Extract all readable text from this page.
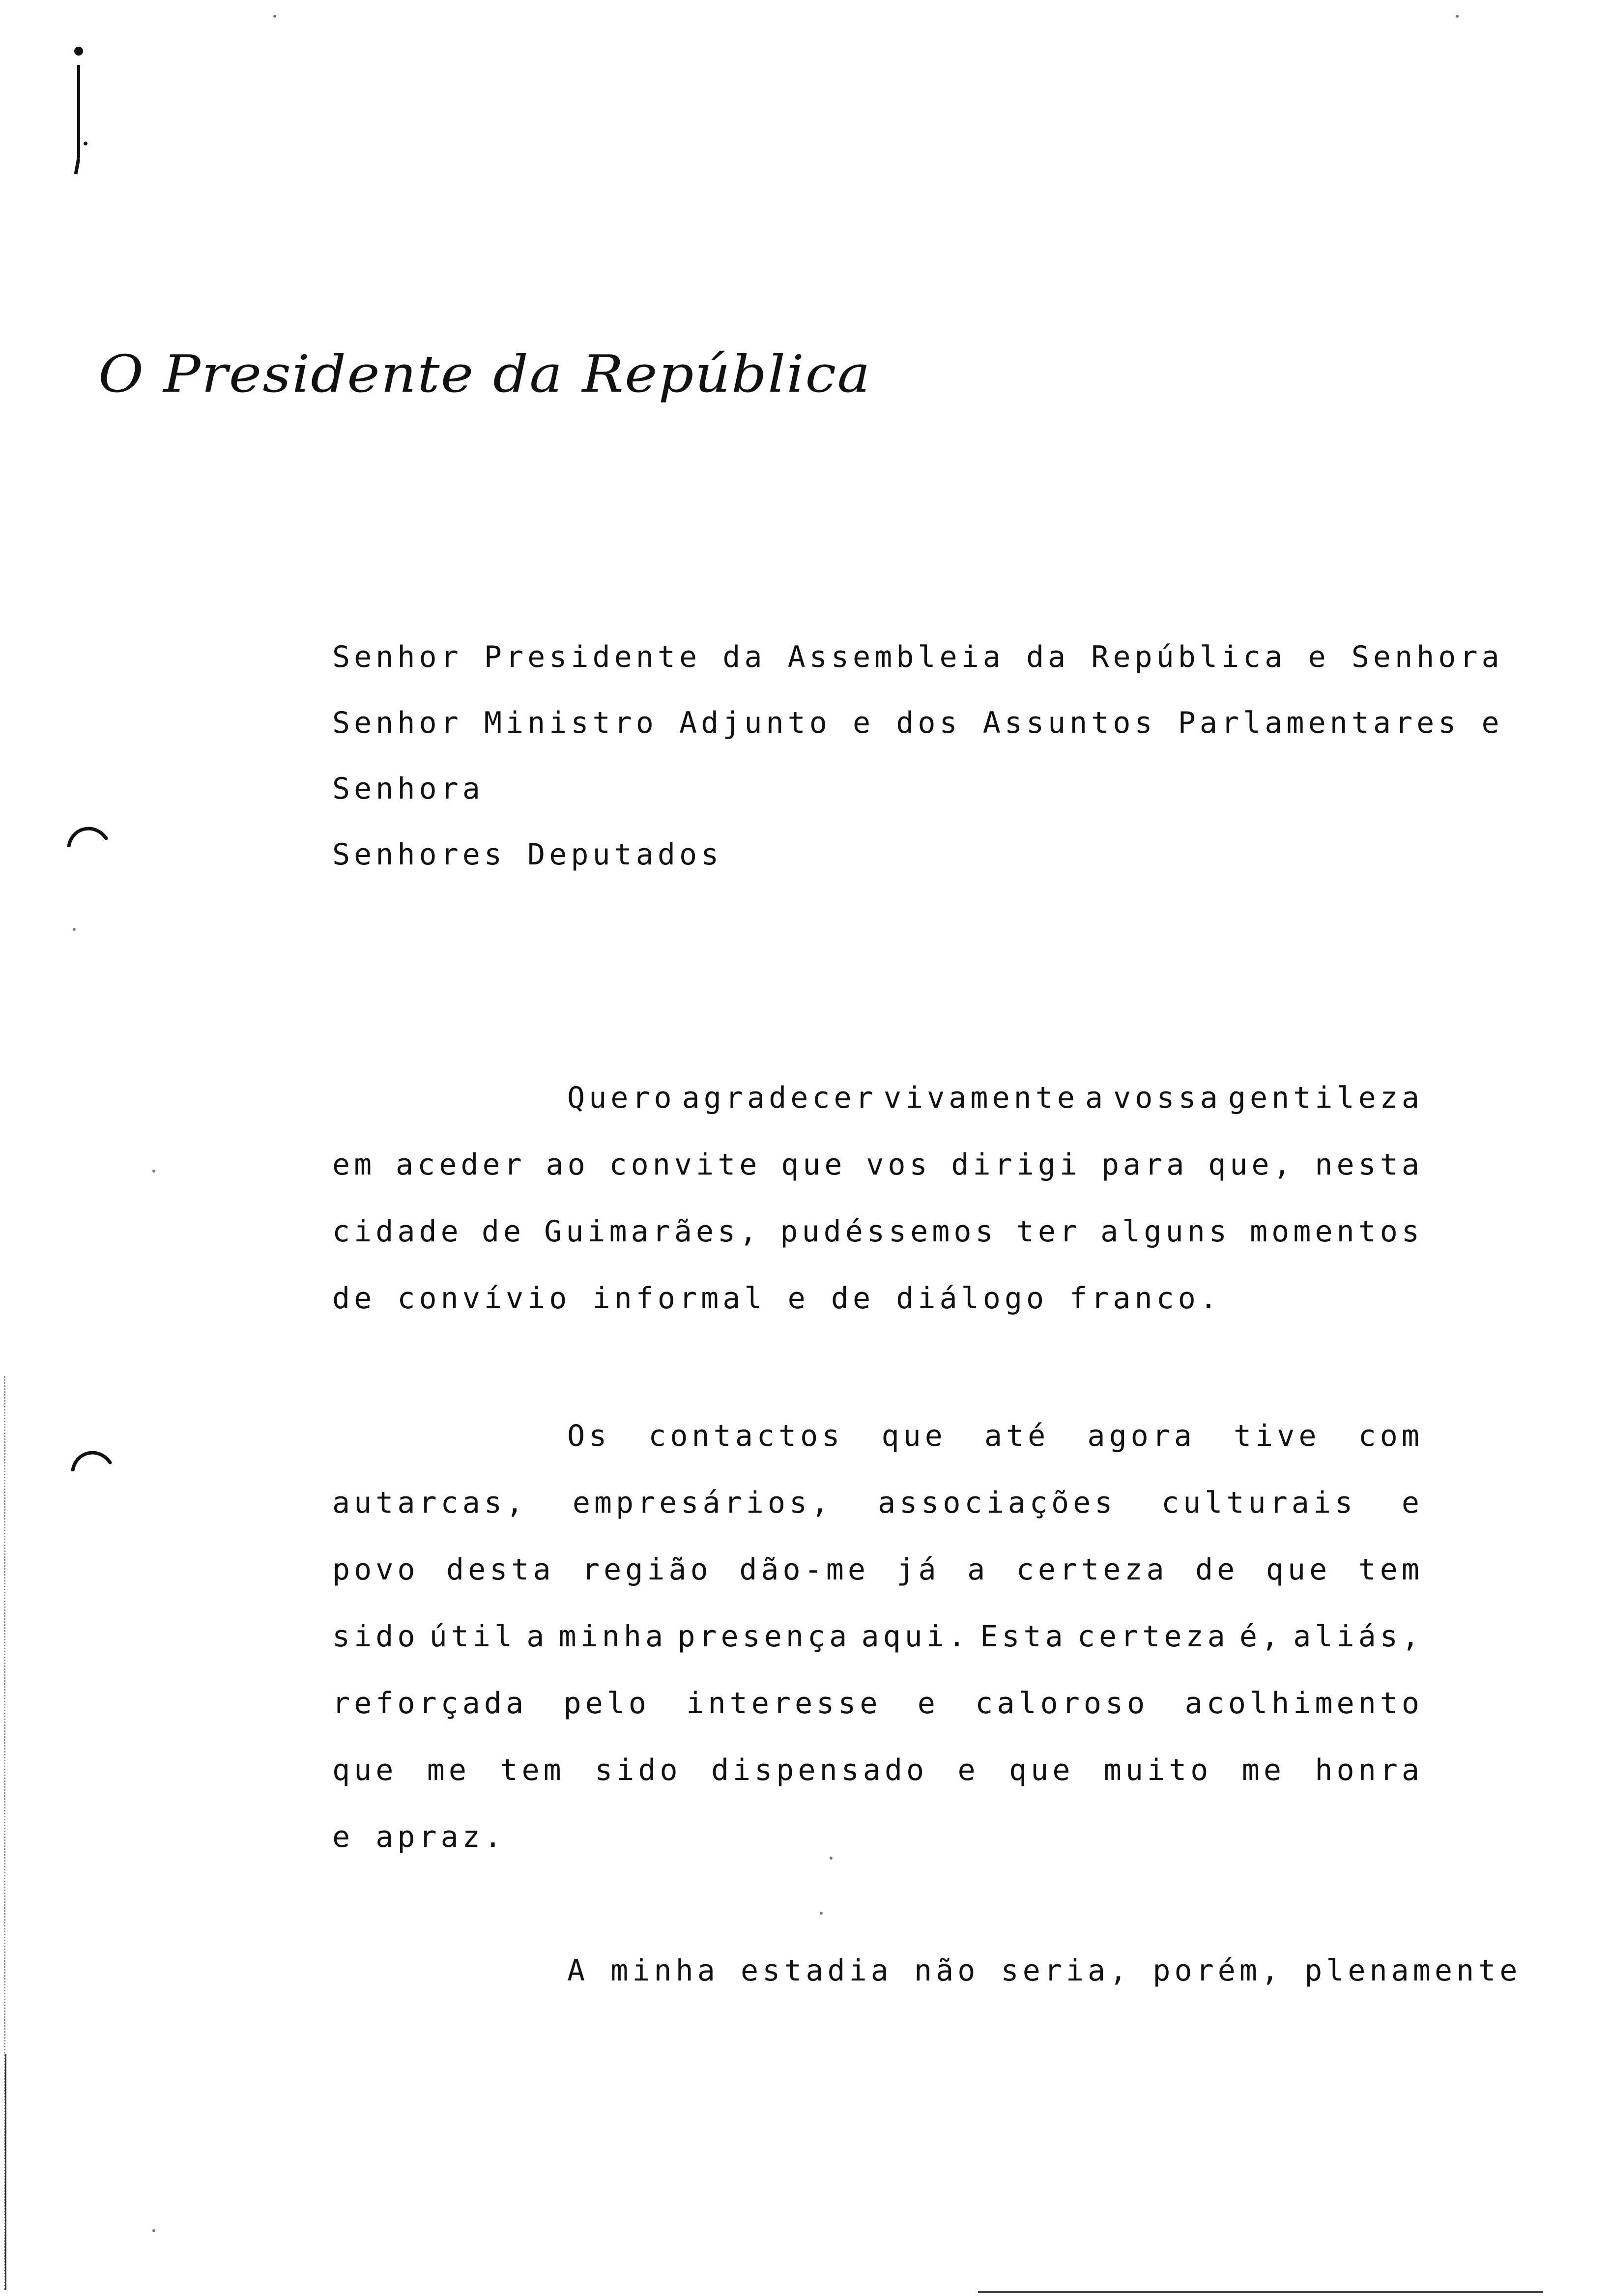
O Presidente da República
Senhor Presidente da Assembleia da República e Senhora
Senhor Ministro Adjunto e dos Assuntos Parlamentares e
Senhora
Senhores Deputados
Quero agradecer vivamente a vossa gentileza
em aceder ao convite que vos dirigi para que, nesta
cidade de Guimarães, pudéssemos ter alguns momentos
de convívio informal e de diálogo franco.
Os contactos que até agora tive com
autarcas, empresários, associações culturais e
povo desta região dão-me já a certeza de que tem
sido útil a minha presença aqui. Esta certeza é, aliás,
reforçada pelo interesse e caloroso acolhimento
que me tem sido dispensado e que muito me honra
e apraz.
A minha estadia não seria, porém, plenamente
